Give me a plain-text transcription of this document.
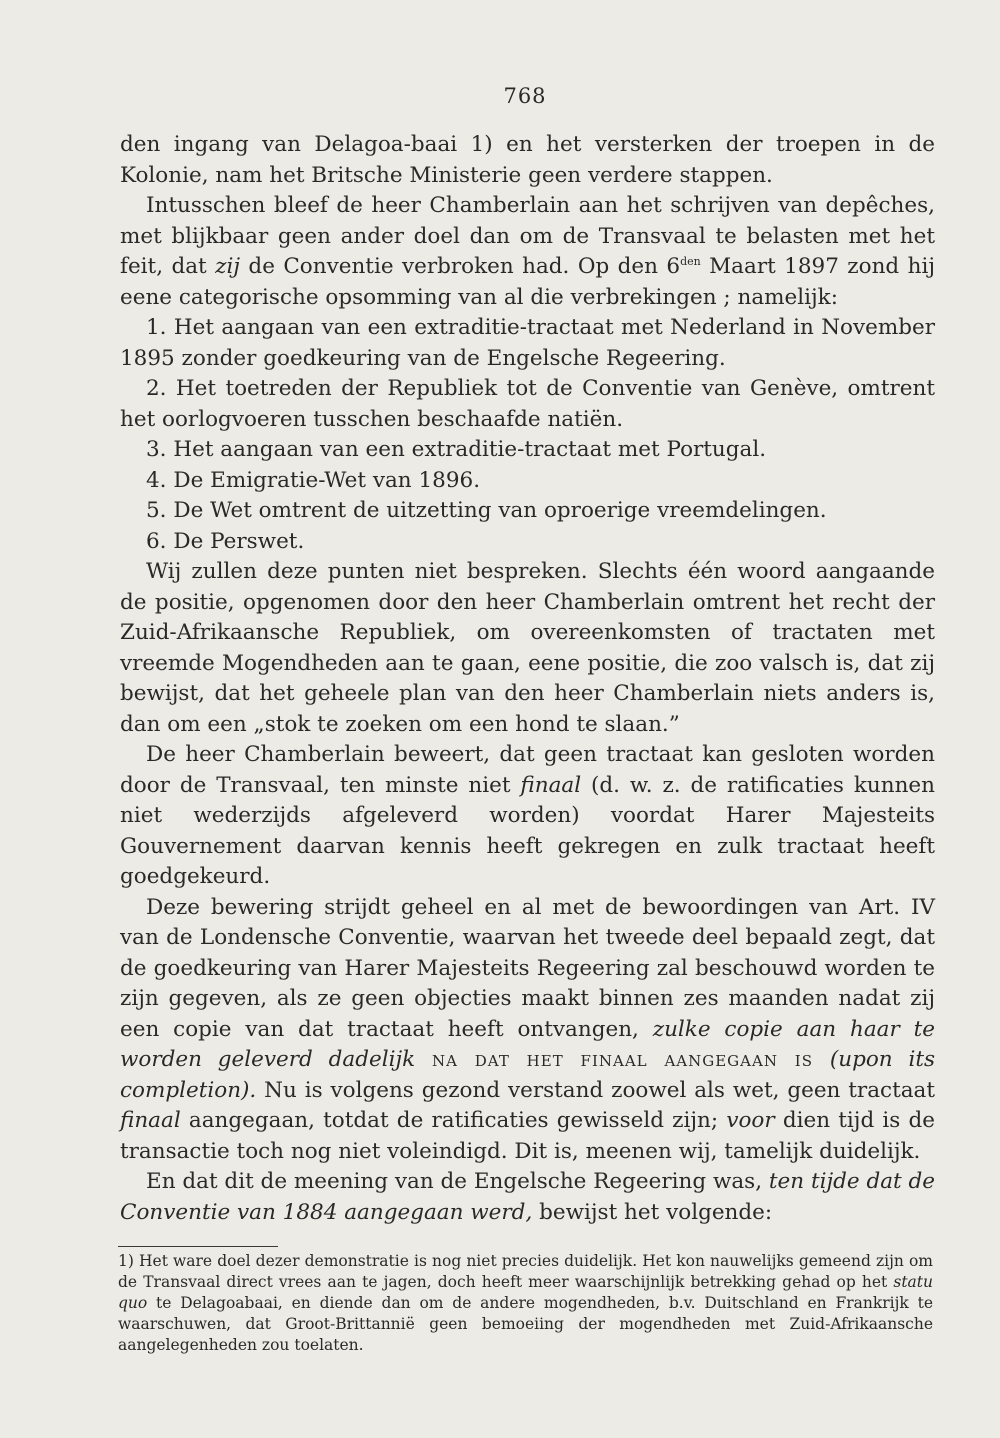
768

den ingang van Delagoa-baai 1) en het versterken der troepen in de Kolonie, nam het Britsche Ministerie geen verdere stappen.

Intusschen bleef de heer Chamberlain aan het schrijven van depêches, met blijkbaar geen ander doel dan om de Transvaal te belasten met het feit, dat zij de Conventie verbroken had. Op den $6^{den}$ Maart 1897 zond hij eene categorische opsomming van al die verbrekingen ; namelijk:

1. Het aangaan van een extraditie-tractaat met Nederland in November 1895 zonder goedkeuring van de Engelsche Regeering.

2. Het toetreden der Republiek tot de Conventie van Genève, omtrent het oorlogvoeren tusschen beschaafde natiën.

3. Het aangaan van een extraditie-tractaat met Portugal.

4. De Emigratie-Wet van 1896.

5. De Wet omtrent de uitzetting van oproerige vreemdelingen.

6. De Perswet.

Wij zullen deze punten niet bespreken. Slechts één woord aangaande de positie, opgenomen door den heer Chamberlain omtrent het recht der Zuid-Afrikaansche Republiek, om overeenkomsten of tractaten met vreemde Mogendheden aan te gaan, eene positie, die zoo valsch is, dat zij bewijst, dat het geheele plan van den heer Chamberlain niets anders is, dan om een „stok te zoeken om een hond te slaan.”

De heer Chamberlain beweert, dat geen tractaat kan gesloten worden door de Transvaal, ten minste niet finaal (d. w. z. de ratificaties kunnen niet wederzijds afgeleverd worden) voordat Harer Majesteits Gouvernement daarvan kennis heeft gekregen en zulk tractaat heeft goedgekeurd.

Deze bewering strijdt geheel en al met de bewoordingen van Art. IV van de Londensche Conventie, waarvan het tweede deel bepaald zegt, dat de goedkeuring van Harer Majesteits Regeering zal beschouwd worden te zijn gegeven, als ze geen objecties maakt binnen zes maanden nadat zij een copie van dat tractaat heeft ontvangen, zulke copie aan haar te worden geleverd dadelijk na dat het finaal aangegaan is (upon its completion). Nu is volgens gezond verstand zoowel als wet, geen tractaat finaal aangegaan, totdat de ratificaties gewisseld zijn; voor dien tijd is de transactie toch nog niet voleindigd. Dit is, meenen wij, tamelijk duidelijk.

En dat dit de meening van de Engelsche Regeering was, ten tijde dat de Conventie van 1884 aangegaan werd, bewijst het volgende:

1) Het ware doel dezer demonstratie is nog niet precies duidelijk. Het kon nauwelijks gemeend zijn om de Transvaal direct vrees aan te jagen, doch heeft meer waarschijnlijk betrekking gehad op het statu quo te Delagoabaai, en diende dan om de andere mogendheden, b.v. Duitschland en Frankrijk te waarschuwen, dat Groot-Brittannië geen bemoeiing der mogendheden met Zuid-Afrikaansche aangelegenheden zou toelaten.
